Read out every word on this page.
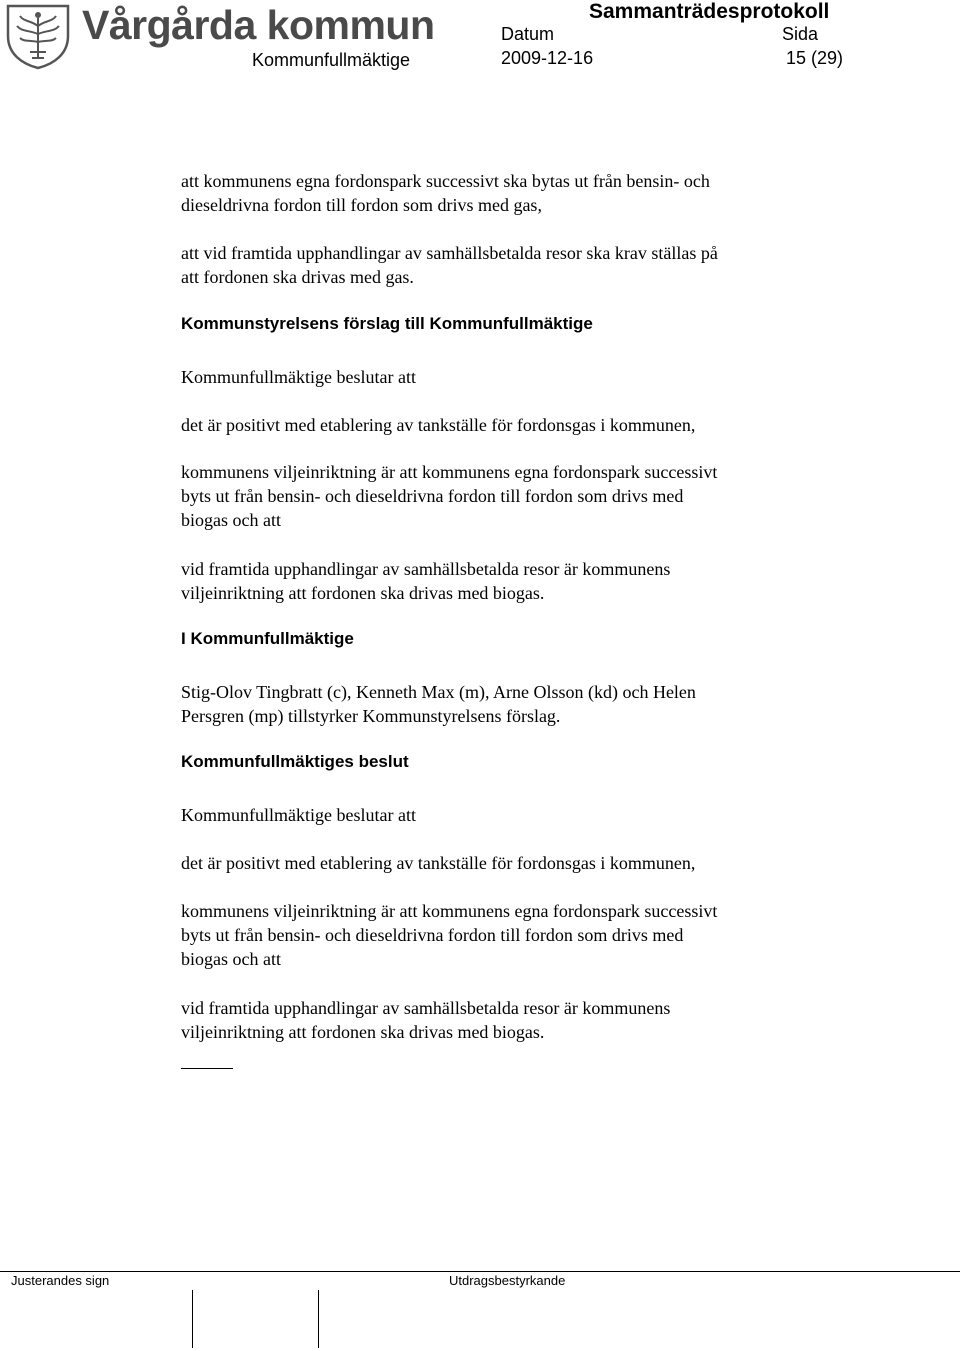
Vårgårda kommun	Sammanträdesprotokoll
Kommunfullmäktige
Datum
2009-12-16
Sida
15 (29)
att kommunens egna fordonspark successivt ska bytas ut från bensin- och
dieseldrivna fordon till fordon som drivs med gas,
att vid framtida upphandlingar av samhällsbetalda resor ska krav ställas på
att fordonen ska drivas med gas.
Kommunstyrelsens förslag till Kommunfullmäktige
Kommunfullmäktige beslutar att
det är positivt med etablering av tankställe för fordonsgas i kommunen,
kommunens viljeinriktning är att kommunens egna fordonspark successivt
byts ut från bensin- och dieseldrivna fordon till fordon som drivs med
biogas och att
vid framtida upphandlingar av samhällsbetalda resor är kommunens
viljeinriktning att fordonen ska drivas med biogas.
I Kommunfullmäktige
Stig-Olov Tingbratt (c), Kenneth Max (m), Arne Olsson (kd) och Helen
Persgren (mp) tillstyrker Kommunstyrelsens förslag.
Kommunfullmäktiges beslut
Kommunfullmäktige beslutar att
det är positivt med etablering av tankställe för fordonsgas i kommunen,
kommunens viljeinriktning är att kommunens egna fordonspark successivt
byts ut från bensin- och dieseldrivna fordon till fordon som drivs med
biogas och att
vid framtida upphandlingar av samhällsbetalda resor är kommunens
viljeinriktning att fordonen ska drivas med biogas.
Justerandes sign	Utdragsbestyrkande
